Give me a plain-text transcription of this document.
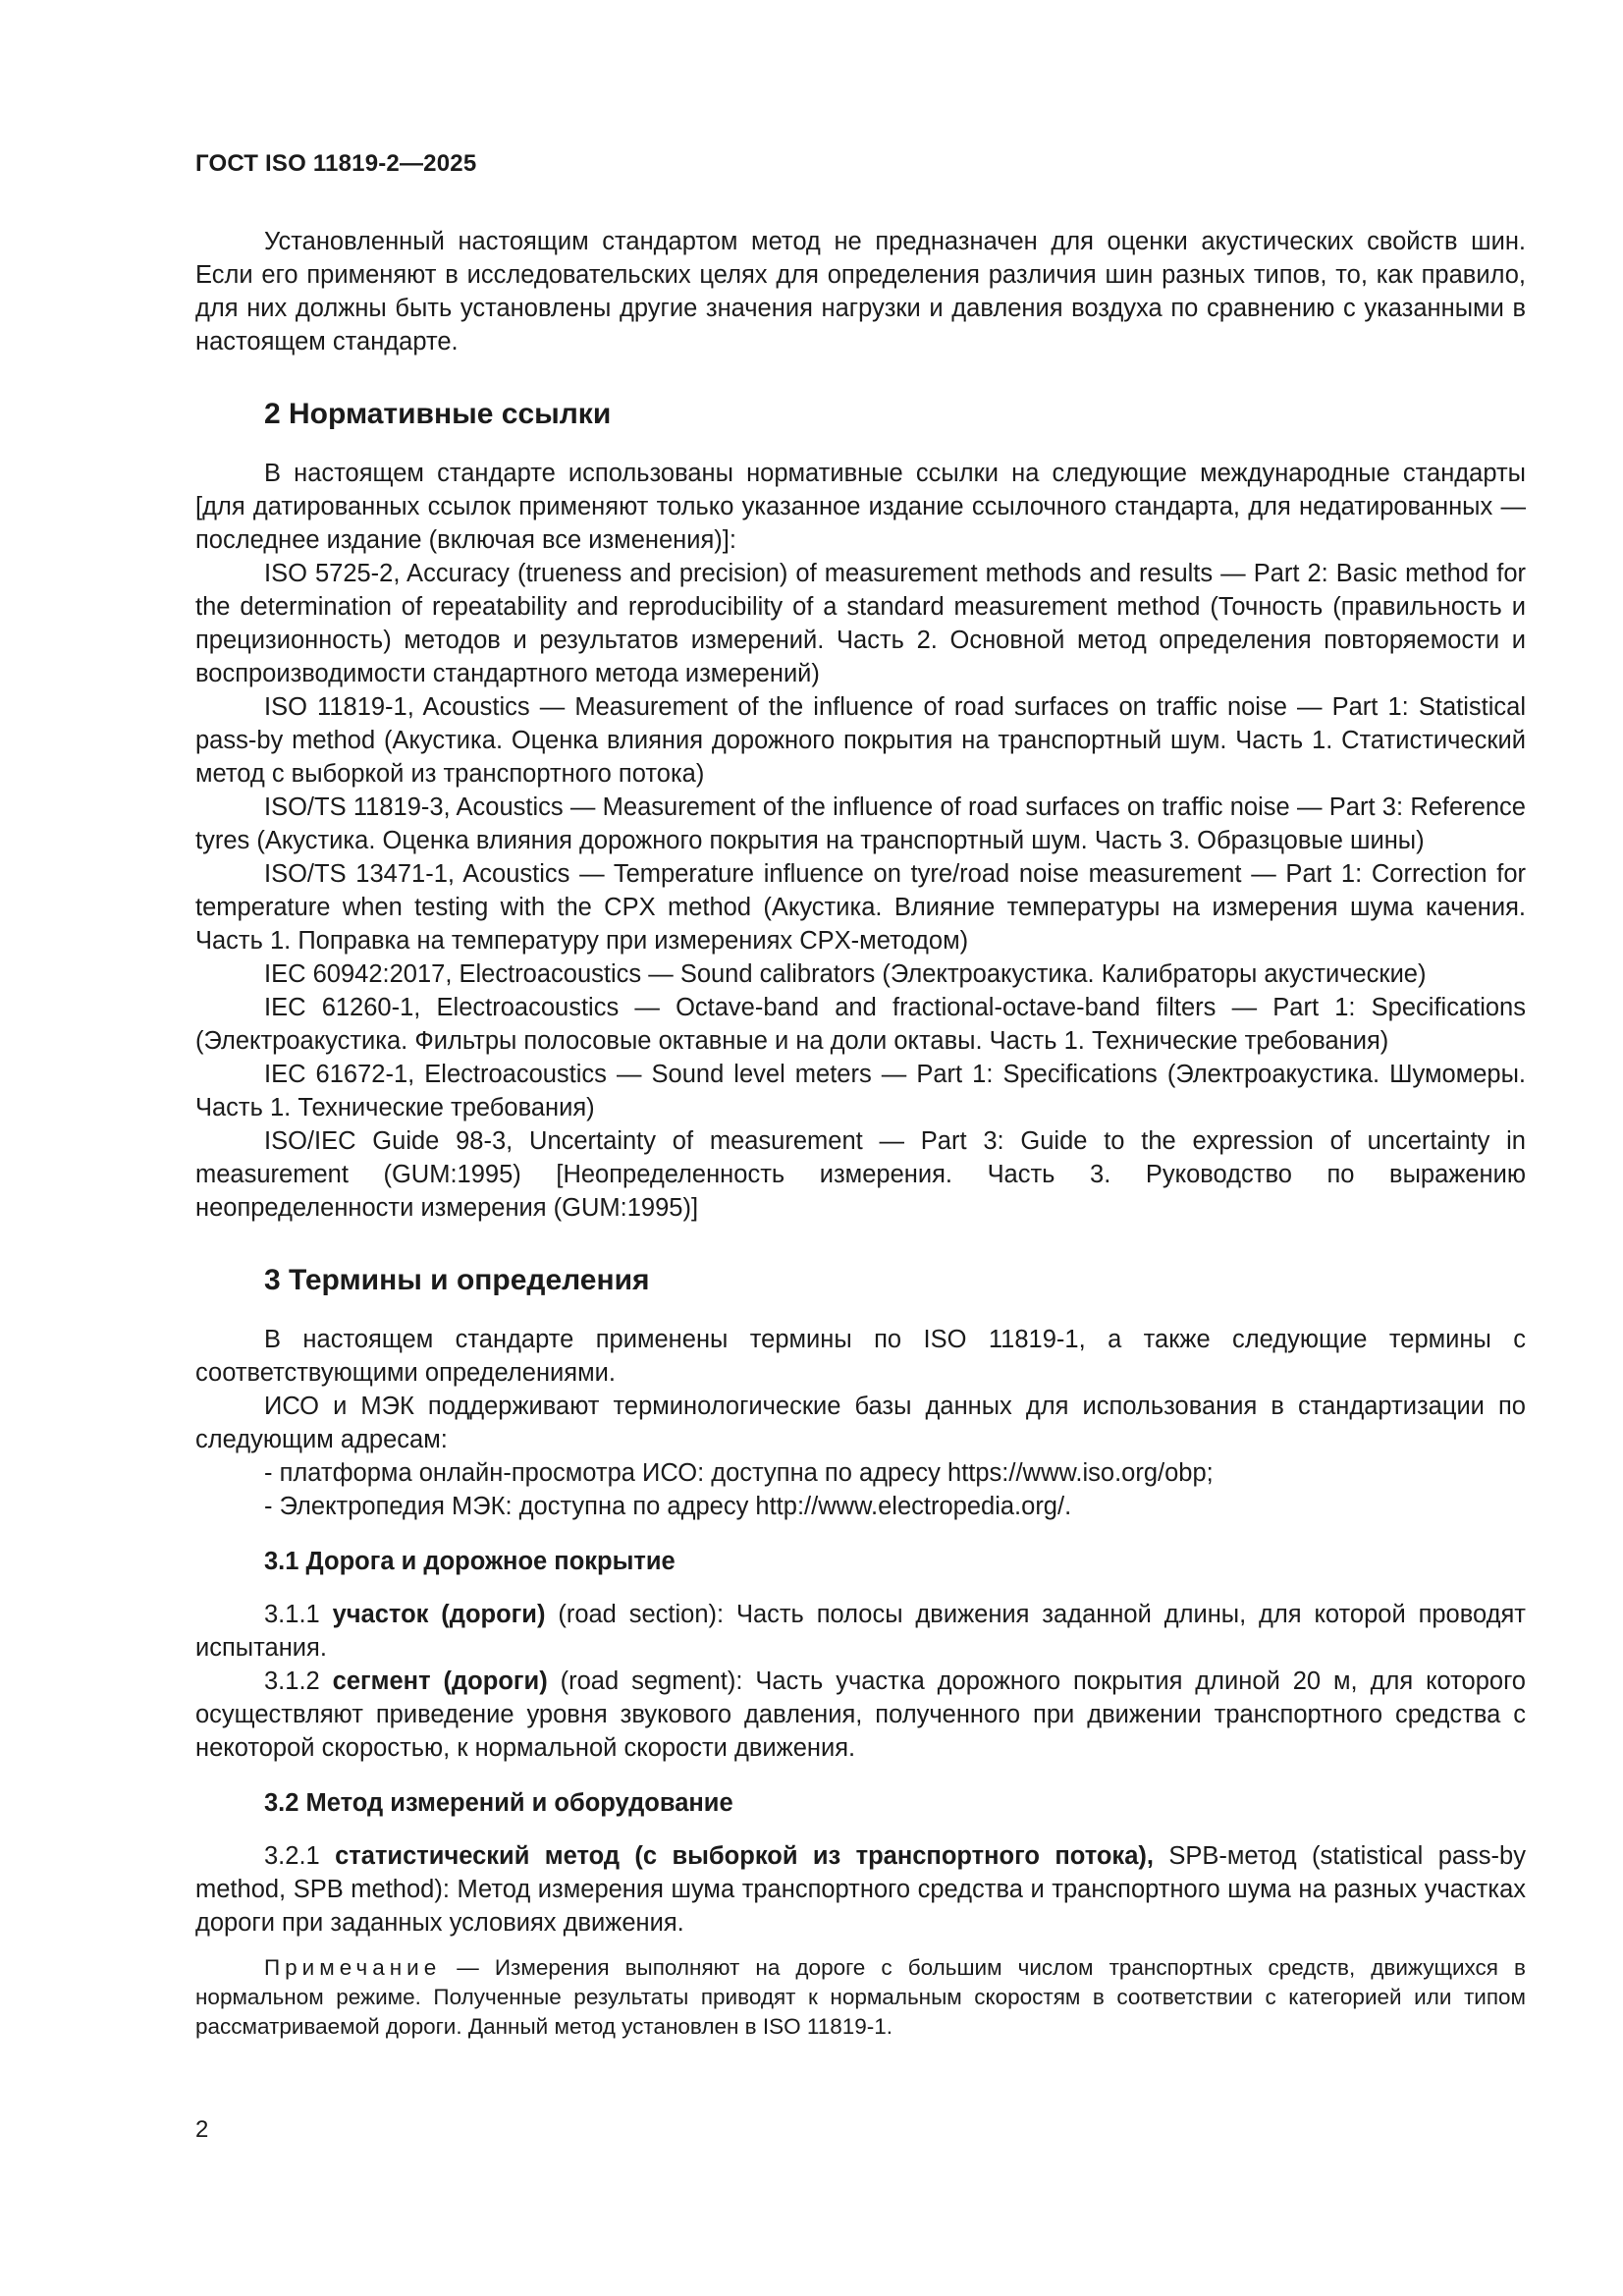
ГОСТ ISO 11819-2—2025

Установленный настоящим стандартом метод не предназначен для оценки акустических свойств шин. Если его применяют в исследовательских целях для определения различия шин разных типов, то, как правило, для них должны быть установлены другие значения нагрузки и давления воздуха по сравнению с указанными в настоящем стандарте.

2 Нормативные ссылки

В настоящем стандарте использованы нормативные ссылки на следующие международные стандарты [для датированных ссылок применяют только указанное издание ссылочного стандарта, для недатированных — последнее издание (включая все изменения)]:

ISO 5725-2, Accuracy (trueness and precision) of measurement methods and results — Part 2: Basic method for the determination of repeatability and reproducibility of a standard measurement method (Точность (правильность и прецизионность) методов и результатов измерений. Часть 2. Основной метод определения повторяемости и воспроизводимости стандартного метода измерений)

ISO 11819-1, Acoustics — Measurement of the influence of road surfaces on traffic noise — Part 1: Statistical pass-by method (Акустика. Оценка влияния дорожного покрытия на транспортный шум. Часть 1. Статистический метод с выборкой из транспортного потока)

ISO/TS 11819-3, Acoustics — Measurement of the influence of road surfaces on traffic noise — Part 3: Reference tyres (Акустика. Оценка влияния дорожного покрытия на транспортный шум. Часть 3. Образцовые шины)

ISO/TS 13471-1, Acoustics — Temperature influence on tyre/road noise measurement — Part 1: Correction for temperature when testing with the CPX method (Акустика. Влияние температуры на измерения шума качения. Часть 1. Поправка на температуру при измерениях CPX-методом)

IEC 60942:2017, Electroacoustics — Sound calibrators (Электроакустика. Калибраторы акустические)

IEC 61260-1, Electroacoustics — Octave-band and fractional-octave-band filters — Part 1: Specifications (Электроакустика. Фильтры полосовые октавные и на доли октавы. Часть 1. Технические требования)

IEC 61672-1, Electroacoustics — Sound level meters — Part 1: Specifications (Электроакустика. Шумомеры. Часть 1. Технические требования)

ISO/IEC Guide 98-3, Uncertainty of measurement — Part 3: Guide to the expression of uncertainty in measurement (GUM:1995) [Неопределенность измерения. Часть 3. Руководство по выражению неопределенности измерения (GUM:1995)]

3 Термины и определения

В настоящем стандарте применены термины по ISO 11819-1, а также следующие термины с соответствующими определениями.

ИСО и МЭК поддерживают терминологические базы данных для использования в стандартизации по следующим адресам:

- платформа онлайн-просмотра ИСО: доступна по адресу https://www.iso.org/obp;

- Электропедия МЭК: доступна по адресу http://www.electropedia.org/.

3.1 Дорога и дорожное покрытие

3.1.1 участок (дороги) (road section): Часть полосы движения заданной длины, для которой проводят испытания.

3.1.2 сегмент (дороги) (road segment): Часть участка дорожного покрытия длиной 20 м, для которого осуществляют приведение уровня звукового давления, полученного при движении транспортного средства с некоторой скоростью, к нормальной скорости движения.

3.2 Метод измерений и оборудование

3.2.1 статистический метод (с выборкой из транспортного потока), SPB-метод (statistical pass-by method, SPB method): Метод измерения шума транспортного средства и транспортного шума на разных участках дороги при заданных условиях движения.

Примечание — Измерения выполняют на дороге с большим числом транспортных средств, движущихся в нормальном режиме. Полученные результаты приводят к нормальным скоростям в соответствии с категорией или типом рассматриваемой дороги. Данный метод установлен в ISO 11819-1.

2
